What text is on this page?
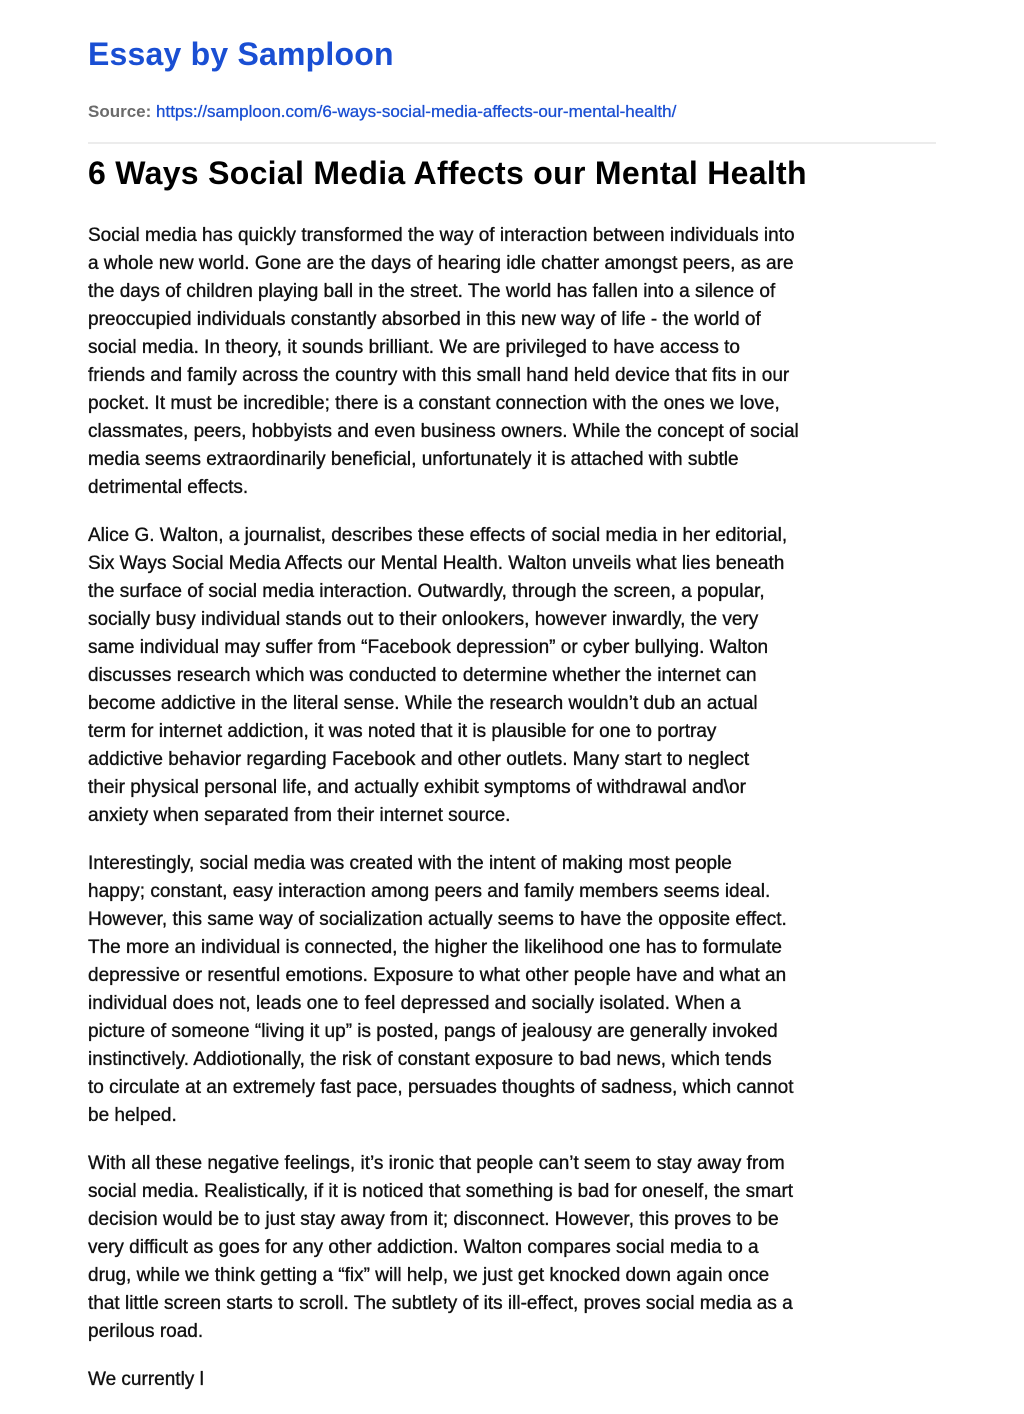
Essay by Samploon
Source: https://samploon.com/6-ways-social-media-affects-our-mental-health/
6 Ways Social Media Affects our Mental Health

Social media has quickly transformed the way of interaction between individuals into
a whole new world. Gone are the days of hearing idle chatter amongst peers, as are
the days of children playing ball in the street. The world has fallen into a silence of
preoccupied individuals constantly absorbed in this new way of life - the world of
social media. In theory, it sounds brilliant. We are privileged to have access to
friends and family across the country with this small hand held device that fits in our
pocket. It must be incredible; there is a constant connection with the ones we love,
classmates, peers, hobbyists and even business owners. While the concept of social
media seems extraordinarily beneficial, unfortunately it is attached with subtle
detrimental effects.

Alice G. Walton, a journalist, describes these effects of social media in her editorial,
Six Ways Social Media Affects our Mental Health. Walton unveils what lies beneath
the surface of social media interaction. Outwardly, through the screen, a popular,
socially busy individual stands out to their onlookers, however inwardly, the very
same individual may suffer from “Facebook depression” or cyber bullying. Walton
discusses research which was conducted to determine whether the internet can
become addictive in the literal sense. While the research wouldn’t dub an actual
term for internet addiction, it was noted that it is plausible for one to portray
addictive behavior regarding Facebook and other outlets. Many start to neglect
their physical personal life, and actually exhibit symptoms of withdrawal and\or
anxiety when separated from their internet source.

Interestingly, social media was created with the intent of making most people
happy; constant, easy interaction among peers and family members seems ideal.
However, this same way of socialization actually seems to have the opposite effect.
The more an individual is connected, the higher the likelihood one has to formulate
depressive or resentful emotions. Exposure to what other people have and what an
individual does not, leads one to feel depressed and socially isolated. When a
picture of someone “living it up” is posted, pangs of jealousy are generally invoked
instinctively. Addiotionally, the risk of constant exposure to bad news, which tends
to circulate at an extremely fast pace, persuades thoughts of sadness, which cannot
be helped.

With all these negative feelings, it’s ironic that people can’t seem to stay away from
social media. Realistically, if it is noticed that something is bad for oneself, the smart
decision would be to just stay away from it; disconnect. However, this proves to be
very difficult as goes for any other addiction. Walton compares social media to a
drug, while we think getting a “fix” will help, we just get knocked down again once
that little screen starts to scroll. The subtlety of its ill-effect, proves social media as a
perilous road.

We currently l
